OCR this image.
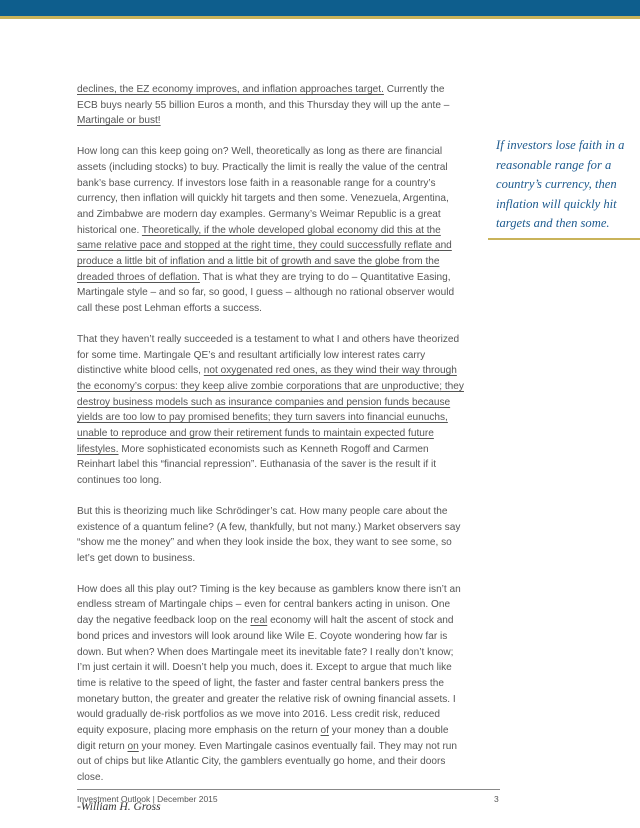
declines, the EZ economy improves, and inflation approaches target. Currently the ECB buys nearly 55 billion Euros a month, and this Thursday they will up the ante – Martingale or bust!

How long can this keep going on? Well, theoretically as long as there are financial assets (including stocks) to buy. Practically the limit is really the value of the central bank’s base currency. If investors lose faith in a reasonable range for a country’s currency, then inflation will quickly hit targets and then some. Venezuela, Argentina, and Zimbabwe are modern day examples. Germany’s Weimar Republic is a great historical one. Theoretically, if the whole developed global economy did this at the same relative pace and stopped at the right time, they could successfully reflate and produce a little bit of inflation and a little bit of growth and save the globe from the dreaded throes of deflation. That is what they are trying to do – Quantitative Easing, Martingale style – and so far, so good, I guess – although no rational observer would call these post Lehman efforts a success.

That they haven’t really succeeded is a testament to what I and others have theorized for some time. Martingale QE’s and resultant artificially low interest rates carry distinctive white blood cells, not oxygenated red ones, as they wind their way through the economy’s corpus: they keep alive zombie corporations that are unproductive; they destroy business models such as insurance companies and pension funds because yields are too low to pay promised benefits; they turn savers into financial eunuchs, unable to reproduce and grow their retirement funds to maintain expected future lifestyles. More sophisticated economists such as Kenneth Rogoff and Carmen Reinhart label this “financial repression”. Euthanasia of the saver is the result if it continues too long.

But this is theorizing much like Schrödinger’s cat. How many people care about the existence of a quantum feline? (A few, thankfully, but not many.) Market observers say “show me the money” and when they look inside the box, they want to see some, so let’s get down to business.

How does all this play out? Timing is the key because as gamblers know there isn’t an endless stream of Martingale chips – even for central bankers acting in unison. One day the negative feedback loop on the real economy will halt the ascent of stock and bond prices and investors will look around like Wile E. Coyote wondering how far is down. But when? When does Martingale meet its inevitable fate? I really don’t know; I’m just certain it will. Doesn’t help you much, does it. Except to argue that much like time is relative to the speed of light, the faster and faster central bankers press the monetary button, the greater and greater the relative risk of owning financial assets. I would gradually de-risk portfolios as we move into 2016. Less credit risk, reduced equity exposure, placing more emphasis on the return of your money than a double digit return on your money. Even Martingale casinos eventually fail. They may not run out of chips but like Atlantic City, the gamblers eventually go home, and their doors close.

-William H. Gross

If investors lose faith in a reasonable range for a country’s currency, then inflation will quickly hit targets and then some.
Investment Outlook | December 2015	3
